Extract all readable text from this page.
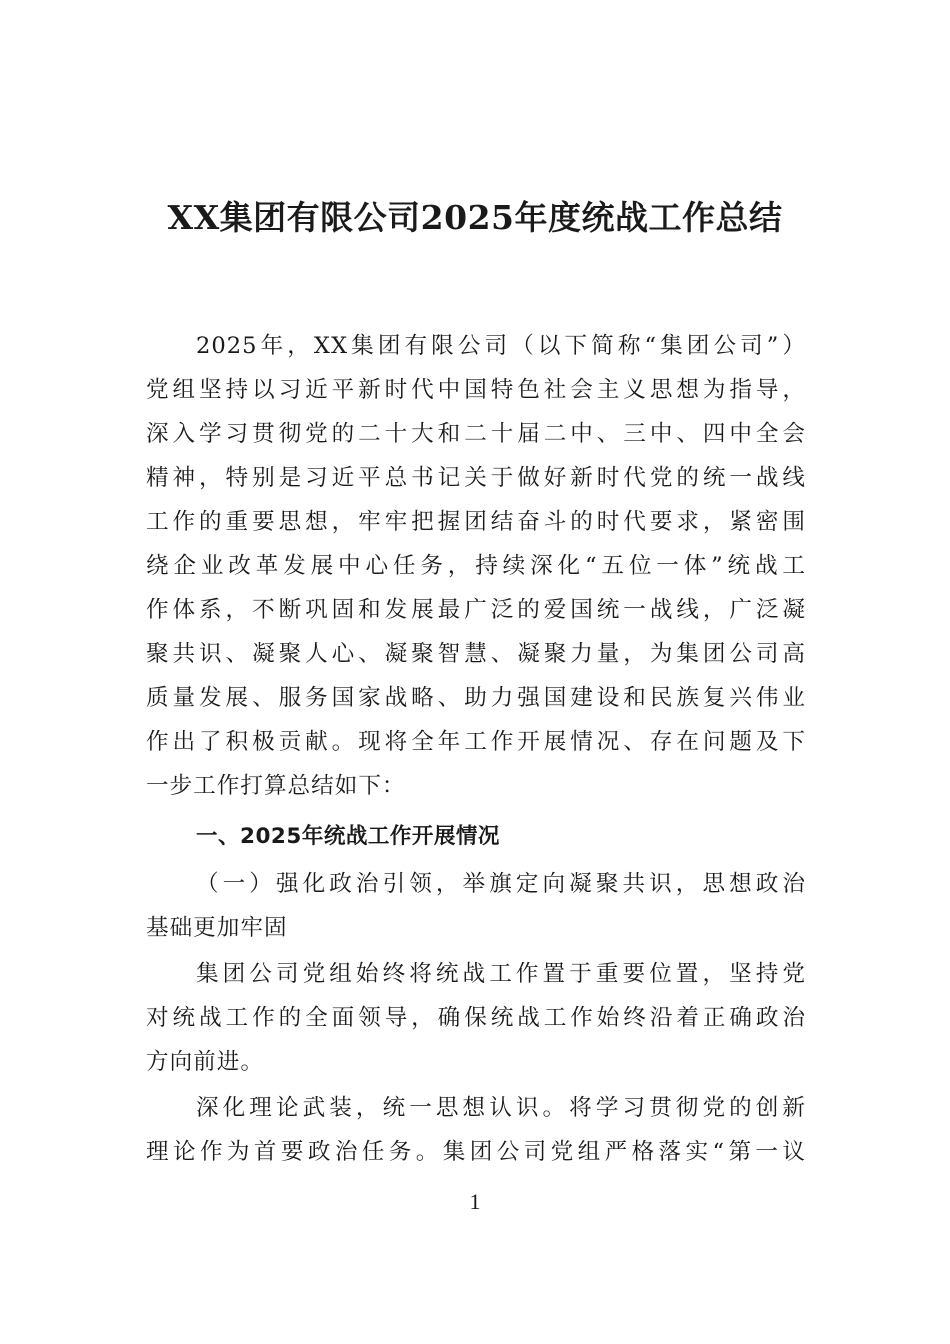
XX集团有限公司2025年度统战工作总结
2025年，XX集团有限公司（以下简称“集团公司”）
党组坚持以习近平新时代中国特色社会主义思想为指导，
深入学习贯彻党的二十大和二十届二中、三中、四中全会
精神，特别是习近平总书记关于做好新时代党的统一战线
工作的重要思想，牢牢把握团结奋斗的时代要求，紧密围
绕企业改革发展中心任务，持续深化“五位一体”统战工
作体系，不断巩固和发展最广泛的爱国统一战线，广泛凝
聚共识、凝聚人心、凝聚智慧、凝聚力量，为集团公司高
质量发展、服务国家战略、助力强国建设和民族复兴伟业
作出了积极贡献。现将全年工作开展情况、存在问题及下
一步工作打算总结如下：
一、2025年统战工作开展情况
（一）强化政治引领，举旗定向凝聚共识，思想政治
基础更加牢固
集团公司党组始终将统战工作置于重要位置，坚持党
对统战工作的全面领导，确保统战工作始终沿着正确政治
方向前进。
深化理论武装，统一思想认识。将学习贯彻党的创新
理论作为首要政治任务。集团公司党组严格落实“第一议
1
